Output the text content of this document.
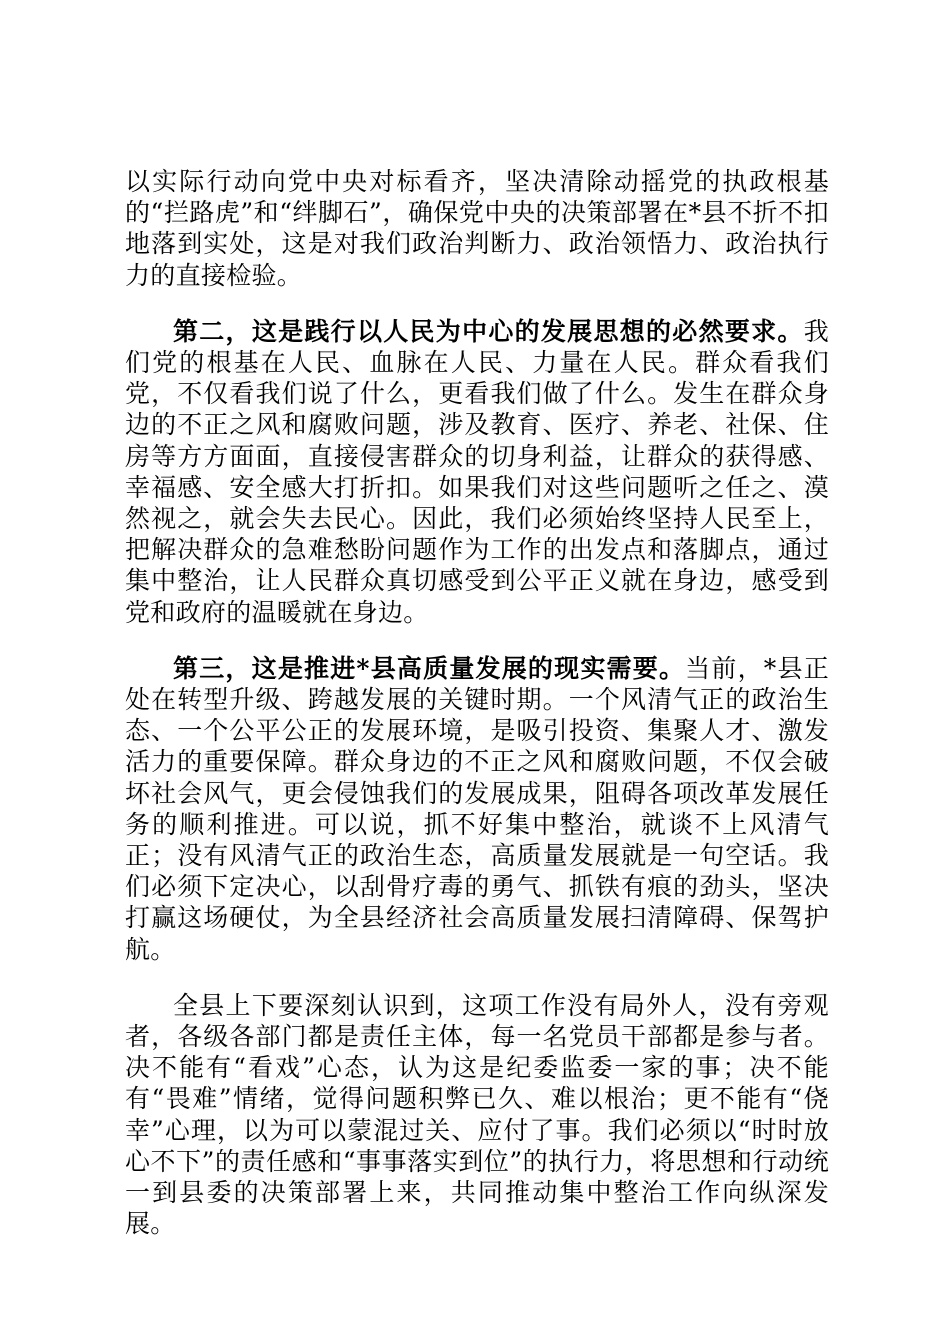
以实际行动向党中央对标看齐，坚决清除动摇党的执政根基的“拦路虎”和“绊脚石”，确保党中央的决策部署在*县不折不扣地落到实处，这是对我们政治判断力、政治领悟力、政治执行力的直接检验。

第二，这是践行以人民为中心的发展思想的必然要求。我们党的根基在人民、血脉在人民、力量在人民。群众看我们党，不仅看我们说了什么，更看我们做了什么。发生在群众身边的不正之风和腐败问题，涉及教育、医疗、养老、社保、住房等方方面面，直接侵害群众的切身利益，让群众的获得感、幸福感、安全感大打折扣。如果我们对这些问题听之任之、漠然视之，就会失去民心。因此，我们必须始终坚持人民至上，把解决群众的急难愁盼问题作为工作的出发点和落脚点，通过集中整治，让人民群众真切感受到公平正义就在身边，感受到党和政府的温暖就在身边。

第三，这是推进*县高质量发展的现实需要。当前，*县正处在转型升级、跨越发展的关键时期。一个风清气正的政治生态、一个公平公正的发展环境，是吸引投资、集聚人才、激发活力的重要保障。群众身边的不正之风和腐败问题，不仅会破坏社会风气，更会侵蚀我们的发展成果，阻碍各项改革发展任务的顺利推进。可以说，抓不好集中整治，就谈不上风清气正；没有风清气正的政治生态，高质量发展就是一句空话。我们必须下定决心，以刮骨疗毒的勇气、抓铁有痕的劲头，坚决打赢这场硬仗，为全县经济社会高质量发展扫清障碍、保驾护航。

全县上下要深刻认识到，这项工作没有局外人，没有旁观者，各级各部门都是责任主体，每一名党员干部都是参与者。决不能有“看戏”心态，认为这是纪委监委一家的事；决不能有“畏难”情绪，觉得问题积弊已久、难以根治；更不能有“侥幸”心理，以为可以蒙混过关、应付了事。我们必须以“时时放心不下”的责任感和“事事落实到位”的执行力，将思想和行动统一到县委的决策部署上来，共同推动集中整治工作向纵深发展。
